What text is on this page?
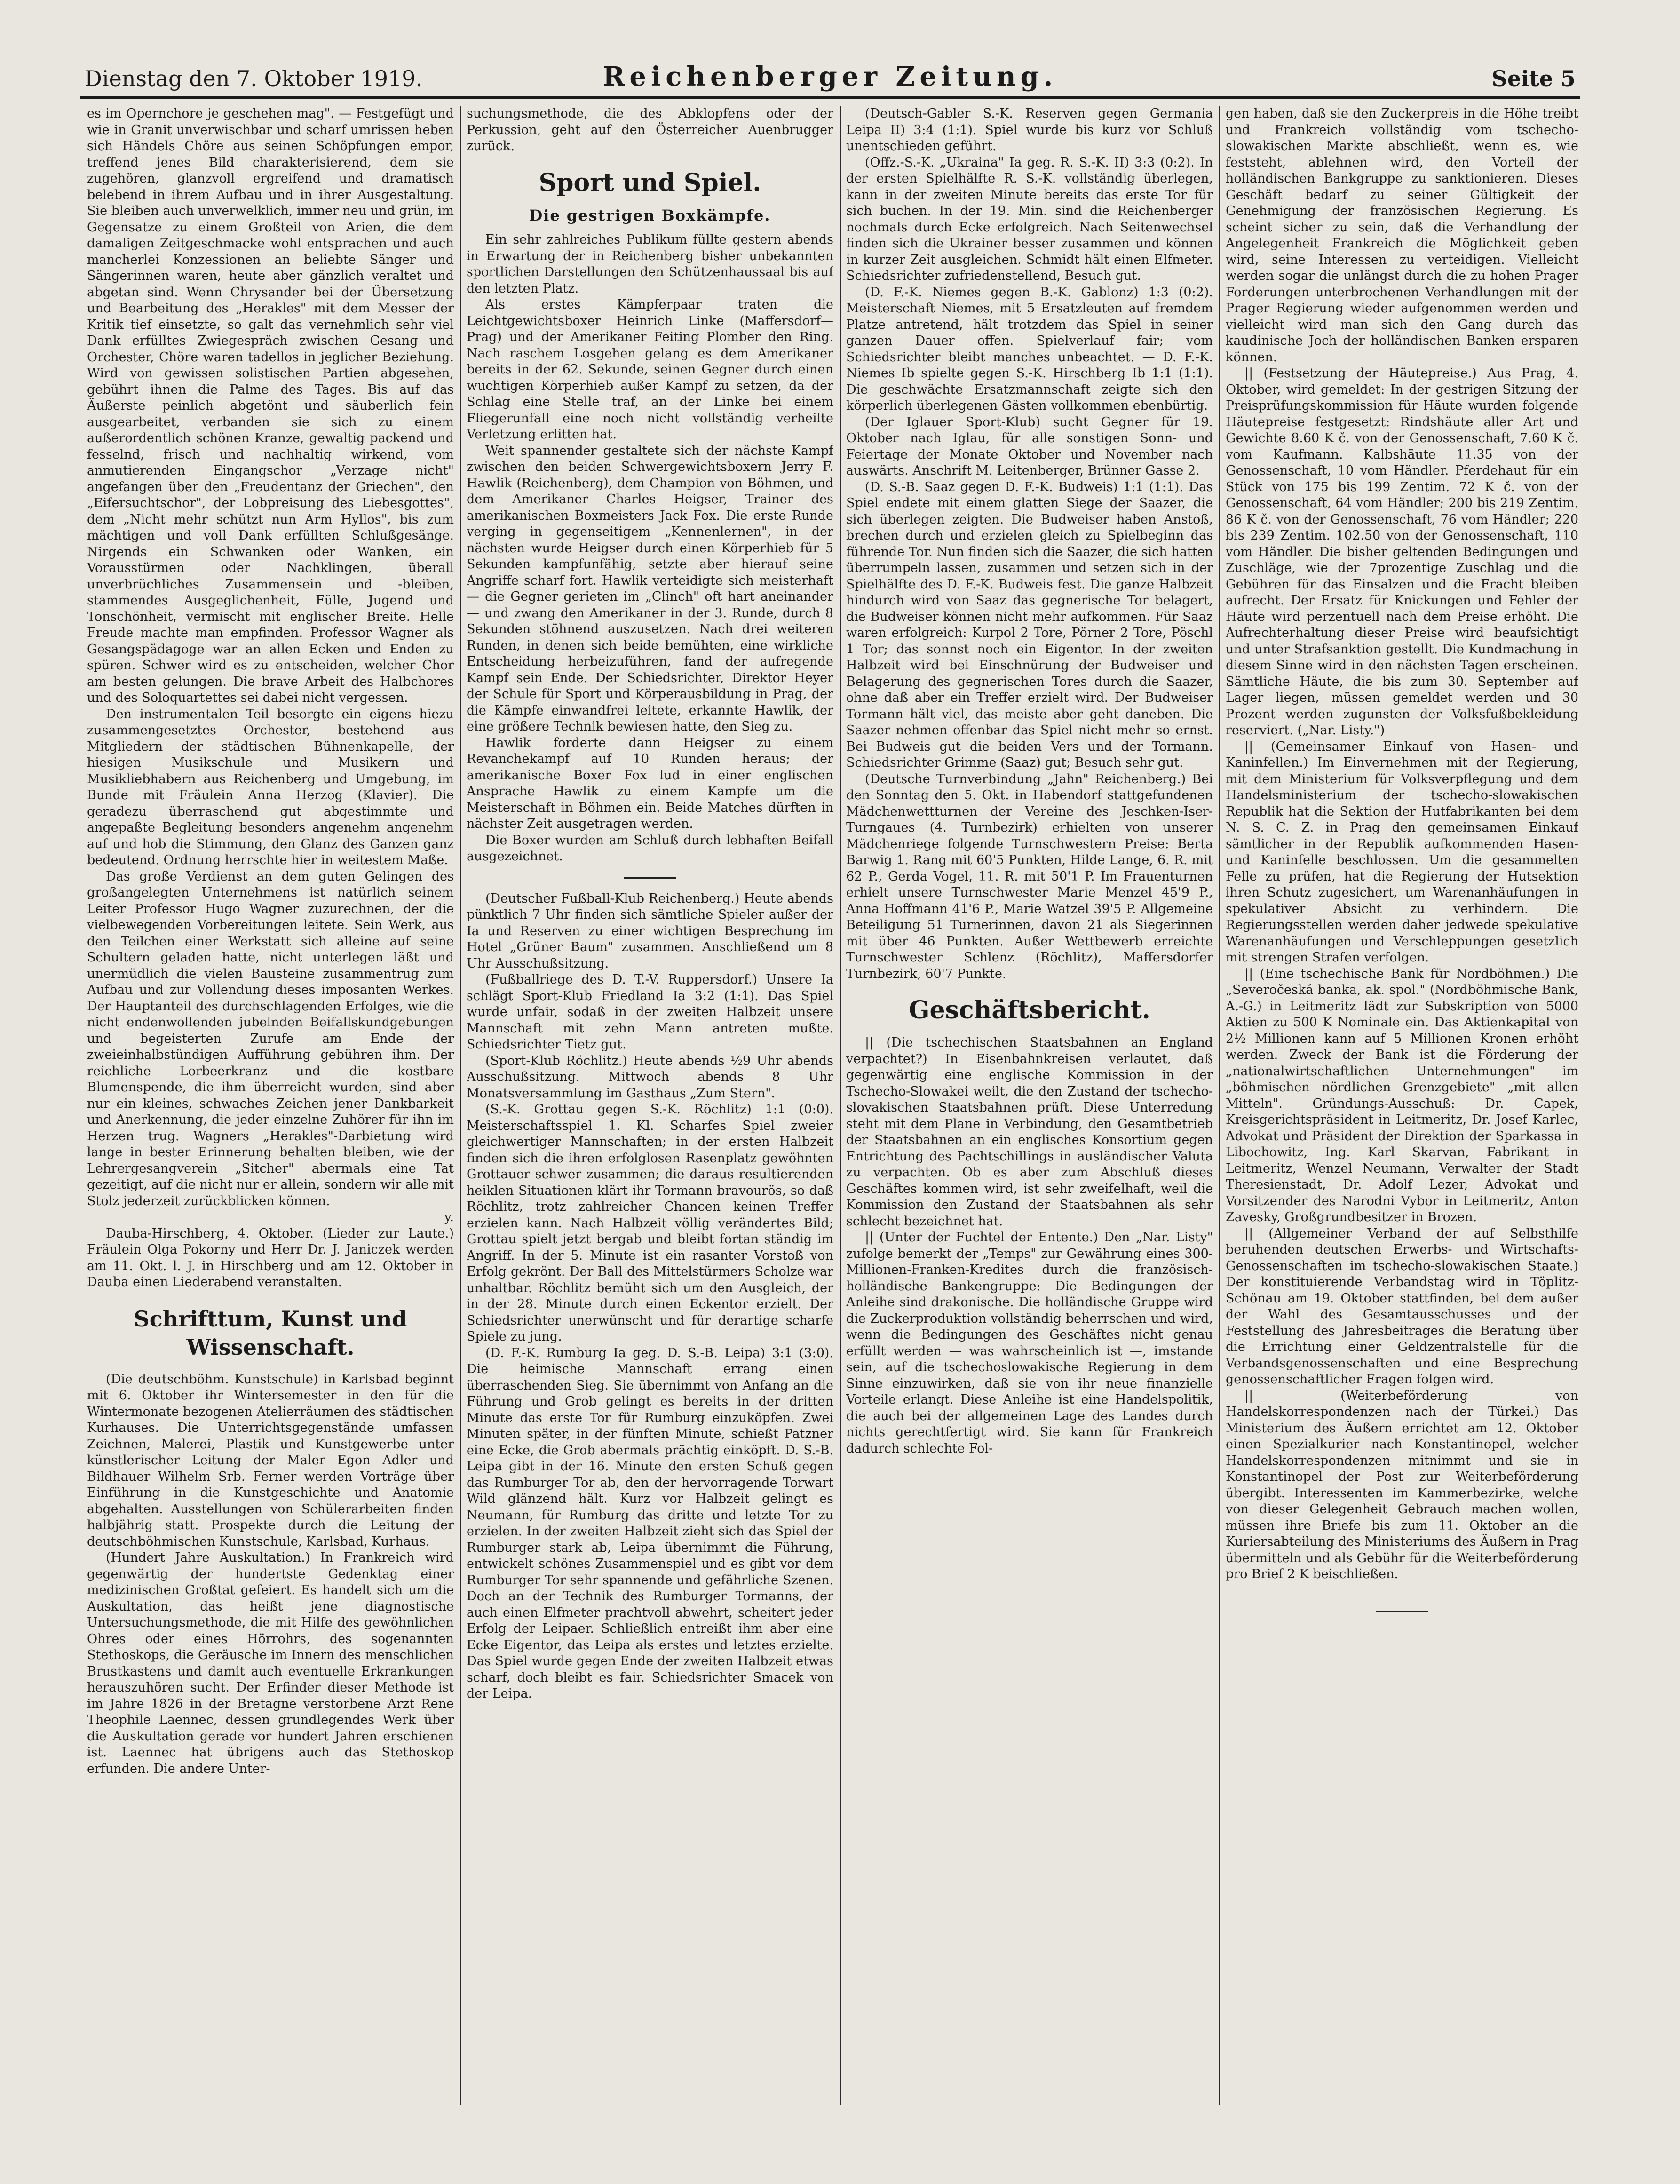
Dienstag den 7. Oktober 1919.	Reichenberger Zeitung.	Seite 5

es im Opernchore je geschehen mag". — Festgefügt und wie in Granit unverwischbar und scharf umrissen heben sich Händels Chöre aus seinen Schöpfungen empor, treffend jenes Bild charakterisierend, dem sie zugehören, glanzvoll ergreifend und dramatisch belebend in ihrem Aufbau und in ihrer Ausgestaltung. Sie bleiben auch unverwelklich, immer neu und grün, im Gegensatze zu einem Großteil von Arien, die dem damaligen Zeitgeschmacke wohl entsprachen und auch mancherlei Konzessionen an beliebte Sänger und Sängerinnen waren, heute aber gänzlich veraltet und abgetan sind. Wenn Chrysander bei der Übersetzung und Bearbeitung des „Herakles" mit dem Messer der Kritik tief einsetzte, so galt das vernehmlich sehr viel Dank erfülltes Zwiegespräch zwischen Gesang und Orchester, Chöre waren tadellos in jeglicher Beziehung. Wird von gewissen solistischen Partien abgesehen, gebührt ihnen die Palme des Tages. Bis auf das Äußerste peinlich abgetönt und säuberlich fein ausgearbeitet, verbanden sie sich zu einem außerordentlich schönen Kranze, gewaltig packend und fesselnd, frisch und nachhaltig wirkend, vom anmutierenden Eingangschor „Verzage nicht" angefangen über den „Freudentanz der Griechen", den „Eifersuchtschor", der Lobpreisung des Liebesgottes", dem „Nicht mehr schützt nun Arm Hyllos", bis zum mächtigen und voll Dank erfüllten Schlußgesänge. Nirgends ein Schwanken oder Wanken, ein Vorausstürmen oder Nachklingen, überall unverbrüchliches Zusammensein und -bleiben, stammendes Ausgeglichenheit, Fülle, Jugend und Tonschönheit, vermischt mit englischer Breite. Helle Freude machte man empfinden. Professor Wagner als Gesangspädagoge war an allen Ecken und Enden zu spüren. Schwer wird es zu entscheiden, welcher Chor am besten gelungen. Die brave Arbeit des Halbchores und des Soloquartettes sei dabei nicht vergessen.

Den instrumentalen Teil besorgte ein eigens hiezu zusammengesetztes Orchester, bestehend aus Mitgliedern der städtischen Bühnenkapelle, der hiesigen Musikschule und Musikern und Musikliebhabern aus Reichenberg und Umgebung, im Bunde mit Fräulein Anna Herzog (Klavier). Die geradezu überraschend gut abgestimmte und angepaßte Begleitung besonders angenehm angenehm auf und hob die Stimmung, den Glanz des Ganzen ganz bedeutend. Ordnung herrschte hier in weitestem Maße.

Das große Verdienst an dem guten Gelingen des großangelegten Unternehmens ist natürlich seinem Leiter Professor Hugo Wagner zuzurechnen, der die vielbewegenden Vorbereitungen leitete. Sein Werk, aus den Teilchen einer Werkstatt sich alleine auf seine Schultern geladen hatte, nicht unterlegen läßt und unermüdlich die vielen Bausteine zusammentrug zum Aufbau und zur Vollendung dieses imposanten Werkes. Der Hauptanteil des durchschlagenden Erfolges, wie die nicht endenwollenden jubelnden Beifallskundgebungen und begeisterten Zurufe am Ende der zweieinhalbstündigen Aufführung gebühren ihm. Der reichliche Lorbeerkranz und die kostbare Blumenspende, die ihm überreicht wurden, sind aber nur ein kleines, schwaches Zeichen jener Dankbarkeit und Anerkennung, die jeder einzelne Zuhörer für ihn im Herzen trug. Wagners „Herakles"-Darbietung wird lange in bester Erinnerung behalten bleiben, wie der Lehrergesangverein „Sitcher" abermals eine Tat gezeitigt, auf die nicht nur er allein, sondern wir alle mit Stolz jederzeit zurückblicken können.

y.

Dauba-Hirschberg, 4. Oktober. (Lieder zur Laute.) Fräulein Olga Pokorny und Herr Dr. J. Janiczek werden am 11. Okt. l. J. in Hirschberg und am 12. Oktober in Dauba einen Liederabend veranstalten.

Schrifttum, Kunst und Wissenschaft.

(Die deutschböhm. Kunstschule) in Karlsbad beginnt mit 6. Oktober ihr Wintersemester in den für die Wintermonate bezogenen Atelierräumen des städtischen Kurhauses. Die Unterrichtsgegenstände umfassen Zeichnen, Malerei, Plastik und Kunstgewerbe unter künstlerischer Leitung der Maler Egon Adler und Bildhauer Wilhelm Srb. Ferner werden Vorträge über Einführung in die Kunstgeschichte und Anatomie abgehalten. Ausstellungen von Schülerarbeiten finden halbjährig statt. Prospekte durch die Leitung der deutschböhmischen Kunstschule, Karlsbad, Kurhaus.

(Hundert Jahre Auskultation.) In Frankreich wird gegenwärtig der hundertste Gedenktag einer medizinischen Großtat gefeiert. Es handelt sich um die Auskultation, das heißt jene diagnostische Untersuchungsmethode, die mit Hilfe des gewöhnlichen Ohres oder eines Hörrohrs, des sogenannten Stethoskops, die Geräusche im Innern des menschlichen Brustkastens und damit auch eventuelle Erkrankungen herauszuhören sucht. Der Erfinder dieser Methode ist im Jahre 1826 in der Bretagne verstorbene Arzt Rene Theophile Laennec, dessen grundlegendes Werk über die Auskultation gerade vor hundert Jahren erschienen ist. Laennec hat übrigens auch das Stethoskop erfunden. Die andere Unter-

suchungsmethode, die des Abklopfens oder der Perkussion, geht auf den Österreicher Auenbrugger zurück.

Sport und Spiel.
Die gestrigen Boxkämpfe.

Ein sehr zahlreiches Publikum füllte gestern abends in Erwartung der in Reichenberg bisher unbekannten sportlichen Darstellungen den Schützenhaussaal bis auf den letzten Platz.

Als erstes Kämpferpaar traten die Leichtgewichtsboxer Heinrich Linke (Maffersdorf—Prag) und der Amerikaner Feiting Plomber den Ring. Nach raschem Losgehen gelang es dem Amerikaner bereits in der 62. Sekunde, seinen Gegner durch einen wuchtigen Körperhieb außer Kampf zu setzen, da der Schlag eine Stelle traf, an der Linke bei einem Fliegerunfall eine noch nicht vollständig verheilte Verletzung erlitten hat.

Weit spannender gestaltete sich der nächste Kampf zwischen den beiden Schwergewichtsboxern Jerry F. Hawlik (Reichenberg), dem Champion von Böhmen, und dem Amerikaner Charles Heigser, Trainer des amerikanischen Boxmeisters Jack Fox. Die erste Runde verging in gegenseitigem „Kennenlernen", in der nächsten wurde Heigser durch einen Körperhieb für 5 Sekunden kampfunfähig, setzte aber hierauf seine Angriffe scharf fort. Hawlik verteidigte sich meisterhaft — die Gegner gerieten im „Clinch" oft hart aneinander — und zwang den Amerikaner in der 3. Runde, durch 8 Sekunden stöhnend auszusetzen. Nach drei weiteren Runden, in denen sich beide bemühten, eine wirkliche Entscheidung herbeizuführen, fand der aufregende Kampf sein Ende. Der Schiedsrichter, Direktor Heyer der Schule für Sport und Körperausbildung in Prag, der die Kämpfe einwandfrei leitete, erkannte Hawlik, der eine größere Technik bewiesen hatte, den Sieg zu.

Hawlik forderte dann Heigser zu einem Revanchekampf auf 10 Runden heraus; der amerikanische Boxer Fox lud in einer englischen Ansprache Hawlik zu einem Kampfe um die Meisterschaft in Böhmen ein. Beide Matches dürften in nächster Zeit ausgetragen werden.

Die Boxer wurden am Schluß durch lebhaften Beifall ausgezeichnet.

(Deutscher Fußball-Klub Reichenberg.) Heute abends pünktlich 7 Uhr finden sich sämtliche Spieler außer der Ia und Reserven zu einer wichtigen Besprechung im Hotel „Grüner Baum" zusammen. Anschließend um 8 Uhr Ausschußsitzung.

(Fußballriege des D. T.-V. Ruppersdorf.) Unsere Ia schlägt Sport-Klub Friedland Ia 3:2 (1:1). Das Spiel wurde unfair, sodaß in der zweiten Halbzeit unsere Mannschaft mit zehn Mann antreten mußte. Schiedsrichter Tietz gut.

(Sport-Klub Röchlitz.) Heute abends ½9 Uhr abends Ausschußsitzung. Mittwoch abends 8 Uhr Monatsversammlung im Gasthaus „Zum Stern".

(S.-K. Grottau gegen S.-K. Röchlitz) 1:1 (0:0). Meisterschaftsspiel 1. Kl. Scharfes Spiel zweier gleichwertiger Mannschaften; in der ersten Halbzeit finden sich die ihren erfolglosen Rasenplatz gewöhnten Grottauer schwer zusammen; die daraus resultierenden heiklen Situationen klärt ihr Tormann bravourös, so daß Röchlitz, trotz zahlreicher Chancen keinen Treffer erzielen kann. Nach Halbzeit völlig verändertes Bild; Grottau spielt jetzt bergab und bleibt fortan ständig im Angriff. In der 5. Minute ist ein rasanter Vorstoß von Erfolg gekrönt. Der Ball des Mittelstürmers Scholze war unhaltbar. Röchlitz bemüht sich um den Ausgleich, der in der 28. Minute durch einen Eckentor erzielt. Der Schiedsrichter unerwünscht und für derartige scharfe Spiele zu jung.

(D. F.-K. Rumburg Ia geg. D. S.-B. Leipa) 3:1 (3:0). Die heimische Mannschaft errang einen überraschenden Sieg. Sie übernimmt von Anfang an die Führung und Grob gelingt es bereits in der dritten Minute das erste Tor für Rumburg einzuköpfen. Zwei Minuten später, in der fünften Minute, schießt Patzner eine Ecke, die Grob abermals prächtig einköpft. D. S.-B. Leipa gibt in der 16. Minute den ersten Schuß gegen das Rumburger Tor ab, den der hervorragende Torwart Wild glänzend hält. Kurz vor Halbzeit gelingt es Neumann, für Rumburg das dritte und letzte Tor zu erzielen. In der zweiten Halbzeit zieht sich das Spiel der Rumburger stark ab, Leipa übernimmt die Führung, entwickelt schönes Zusammenspiel und es gibt vor dem Rumburger Tor sehr spannende und gefährliche Szenen. Doch an der Technik des Rumburger Tormanns, der auch einen Elfmeter prachtvoll abwehrt, scheitert jeder Erfolg der Leipaer. Schließlich entreißt ihm aber eine Ecke Eigentor, das Leipa als erstes und letztes erzielte. Das Spiel wurde gegen Ende der zweiten Halbzeit etwas scharf, doch bleibt es fair. Schiedsrichter Smacek von der Leipa.

(Deutsch-Gabler S.-K. Reserven gegen Germania Leipa II) 3:4 (1:1). Spiel wurde bis kurz vor Schluß unentschieden geführt.

(Offz.-S.-K. „Ukraina" Ia geg. R. S.-K. II) 3:3 (0:2). In der ersten Spielhälfte R. S.-K. vollständig überlegen, kann in der zweiten Minute bereits das erste Tor für sich buchen. In der 19. Min. sind die Reichenberger nochmals durch Ecke erfolgreich. Nach Seitenwechsel finden sich die Ukrainer besser zusammen und können in kurzer Zeit ausgleichen. Schmidt hält einen Elfmeter. Schiedsrichter zufriedenstellend, Besuch gut.

(D. F.-K. Niemes gegen B.-K. Gablonz) 1:3 (0:2). Meisterschaft Niemes, mit 5 Ersatzleuten auf fremdem Platze antretend, hält trotzdem das Spiel in seiner ganzen Dauer offen. Spielverlauf fair; vom Schiedsrichter bleibt manches unbeachtet. — D. F.-K. Niemes Ib spielte gegen S.-K. Hirschberg Ib 1:1 (1:1). Die geschwächte Ersatzmannschaft zeigte sich den körperlich überlegenen Gästen vollkommen ebenbürtig.

(Der Iglauer Sport-Klub) sucht Gegner für 19. Oktober nach Iglau, für alle sonstigen Sonn- und Feiertage der Monate Oktober und November nach auswärts. Anschrift M. Leitenberger, Brünner Gasse 2.

(D. S.-B. Saaz gegen D. F.-K. Budweis) 1:1 (1:1). Das Spiel endete mit einem glatten Siege der Saazer, die sich überlegen zeigten. Die Budweiser haben Anstoß, brechen durch und erzielen gleich zu Spielbeginn das führende Tor. Nun finden sich die Saazer, die sich hatten überrumpeln lassen, zusammen und setzen sich in der Spielhälfte des D. F.-K. Budweis fest. Die ganze Halbzeit hindurch wird von Saaz das gegnerische Tor belagert, die Budweiser können nicht mehr aufkommen. Für Saaz waren erfolgreich: Kurpol 2 Tore, Pörner 2 Tore, Pöschl 1 Tor; das sonnst noch ein Eigentor. In der zweiten Halbzeit wird bei Einschnürung der Budweiser und Belagerung des gegnerischen Tores durch die Saazer, ohne daß aber ein Treffer erzielt wird. Der Budweiser Tormann hält viel, das meiste aber geht daneben. Die Saazer nehmen offenbar das Spiel nicht mehr so ernst. Bei Budweis gut die beiden Vers und der Tormann. Schiedsrichter Grimme (Saaz) gut; Besuch sehr gut.

(Deutsche Turnverbindung „Jahn" Reichenberg.) Bei den Sonntag den 5. Okt. in Habendorf stattgefundenen Mädchenwettturnen der Vereine des Jeschken-Iser-Turngaues (4. Turnbezirk) erhielten von unserer Mädchenriege folgende Turnschwestern Preise: Berta Barwig 1. Rang mit 60'5 Punkten, Hilde Lange, 6. R. mit 62 P., Gerda Vogel, 11. R. mit 50'1 P. Im Frauenturnen erhielt unsere Turnschwester Marie Menzel 45'9 P., Anna Hoffmann 41'6 P., Marie Watzel 39'5 P. Allgemeine Beteiligung 51 Turnerinnen, davon 21 als Siegerinnen mit über 46 Punkten. Außer Wettbewerb erreichte Turnschwester Schlenz (Röchlitz), Maffersdorfer Turnbezirk, 60'7 Punkte.

Geschäftsbericht.

|| (Die tschechischen Staatsbahnen an England verpachtet?) In Eisenbahnkreisen verlautet, daß gegenwärtig eine englische Kommission in der Tschecho-Slowakei weilt, die den Zustand der tschecho-slovakischen Staatsbahnen prüft. Diese Unterredung steht mit dem Plane in Verbindung, den Gesamtbetrieb der Staatsbahnen an ein englisches Konsortium gegen Entrichtung des Pachtschillings in ausländischer Valuta zu verpachten. Ob es aber zum Abschluß dieses Geschäftes kommen wird, ist sehr zweifelhaft, weil die Kommission den Zustand der Staatsbahnen als sehr schlecht bezeichnet hat.

|| (Unter der Fuchtel der Entente.) Den „Nar. Listy" zufolge bemerkt der „Temps" zur Gewährung eines 300-Millionen-Franken-Kredites durch die französisch-holländische Bankengruppe: Die Bedingungen der Anleihe sind drakonische. Die holländische Gruppe wird die Zuckerproduktion vollständig beherrschen und wird, wenn die Bedingungen des Geschäftes nicht genau erfüllt werden — was wahrscheinlich ist —, imstande sein, auf die tschechoslowakische Regierung in dem Sinne einzuwirken, daß sie von ihr neue finanzielle Vorteile erlangt. Diese Anleihe ist eine Handelspolitik, die auch bei der allgemeinen Lage des Landes durch nichts gerechtfertigt wird. Sie kann für Frankreich dadurch schlechte Fol-

gen haben, daß sie den Zuckerpreis in die Höhe treibt und Frankreich vollständig vom tschecho-slowakischen Markte abschließt, wenn es, wie feststeht, ablehnen wird, den Vorteil der holländischen Bankgruppe zu sanktionieren. Dieses Geschäft bedarf zu seiner Gültigkeit der Genehmigung der französischen Regierung. Es scheint sicher zu sein, daß die Verhandlung der Angelegenheit Frankreich die Möglichkeit geben wird, seine Interessen zu verteidigen. Vielleicht werden sogar die unlängst durch die zu hohen Prager Forderungen unterbrochenen Verhandlungen mit der Prager Regierung wieder aufgenommen werden und vielleicht wird man sich den Gang durch das kaudinische Joch der holländischen Banken ersparen können.

|| (Festsetzung der Häutepreise.) Aus Prag, 4. Oktober, wird gemeldet: In der gestrigen Sitzung der Preisprüfungskommission für Häute wurden folgende Häutepreise festgesetzt: Rindshäute aller Art und Gewichte 8.60 K č. von der Genossenschaft, 7.60 K č. vom Kaufmann. Kalbshäute 11.35 von der Genossenschaft, 10 vom Händler. Pferdehaut für ein Stück von 175 bis 199 Zentim. 72 K č. von der Genossenschaft, 64 vom Händler; 200 bis 219 Zentim. 86 K č. von der Genossenschaft, 76 vom Händler; 220 bis 239 Zentim. 102.50 von der Genossenschaft, 110 vom Händler. Die bisher geltenden Bedingungen und Zuschläge, wie der 7prozentige Zuschlag und die Gebühren für das Einsalzen und die Fracht bleiben aufrecht. Der Ersatz für Knickungen und Fehler der Häute wird perzentuell nach dem Preise erhöht. Die Aufrechterhaltung dieser Preise wird beaufsichtigt und unter Strafsanktion gestellt. Die Kundmachung in diesem Sinne wird in den nächsten Tagen erscheinen. Sämtliche Häute, die bis zum 30. September auf Lager liegen, müssen gemeldet werden und 30 Prozent werden zugunsten der Volksfußbekleidung reserviert. („Nar. Listy.")

|| (Gemeinsamer Einkauf von Hasen- und Kaninfellen.) Im Einvernehmen mit der Regierung, mit dem Ministerium für Volksverpflegung und dem Handelsministerium der tschecho-slowakischen Republik hat die Sektion der Hutfabrikanten bei dem N. S. C. Z. in Prag den gemeinsamen Einkauf sämtlicher in der Republik aufkommenden Hasen- und Kaninfelle beschlossen. Um die gesammelten Felle zu prüfen, hat die Regierung der Hutsektion ihren Schutz zugesichert, um Warenanhäufungen in spekulativer Absicht zu verhindern. Die Regierungsstellen werden daher jedwede spekulative Warenanhäufungen und Verschleppungen gesetzlich mit strengen Strafen verfolgen.

|| (Eine tschechische Bank für Nordböhmen.) Die „Severočeská banka, ak. spol." (Nordböhmische Bank, A.-G.) in Leitmeritz lädt zur Subskription von 5000 Aktien zu 500 K Nominale ein. Das Aktienkapital von 2½ Millionen kann auf 5 Millionen Kronen erhöht werden. Zweck der Bank ist die Förderung der „nationalwirtschaftlichen Unternehmungen" im „böhmischen nördlichen Grenzgebiete" „mit allen Mitteln". Gründungs-Ausschuß: Dr. Capek, Kreisgerichtspräsident in Leitmeritz, Dr. Josef Karlec, Advokat und Präsident der Direktion der Sparkassa in Libochowitz, Ing. Karl Skarvan, Fabrikant in Leitmeritz, Wenzel Neumann, Verwalter der Stadt Theresienstadt, Dr. Adolf Lezer, Advokat und Vorsitzender des Narodni Vybor in Leitmeritz, Anton Zavesky, Großgrundbesitzer in Brozen.

|| (Allgemeiner Verband der auf Selbsthilfe beruhenden deutschen Erwerbs- und Wirtschafts-Genossenschaften im tschecho-slowakischen Staate.) Der konstituierende Verbandstag wird in Töplitz-Schönau am 19. Oktober stattfinden, bei dem außer der Wahl des Gesamtausschusses und der Feststellung des Jahresbeitrages die Beratung über die Errichtung einer Geldzentralstelle für die Verbandsgenossenschaften und eine Besprechung genossenschaftlicher Fragen folgen wird.

|| (Weiterbeförderung von Handelskorrespondenzen nach der Türkei.) Das Ministerium des Äußern errichtet am 12. Oktober einen Spezialkurier nach Konstantinopel, welcher Handelskorrespondenzen mitnimmt und sie in Konstantinopel der Post zur Weiterbeförderung übergibt. Interessenten im Kammerbezirke, welche von dieser Gelegenheit Gebrauch machen wollen, müssen ihre Briefe bis zum 11. Oktober an die Kuriersabteilung des Ministeriums des Äußern in Prag übermitteln und als Gebühr für die Weiterbeförderung pro Brief 2 K beischließen.
